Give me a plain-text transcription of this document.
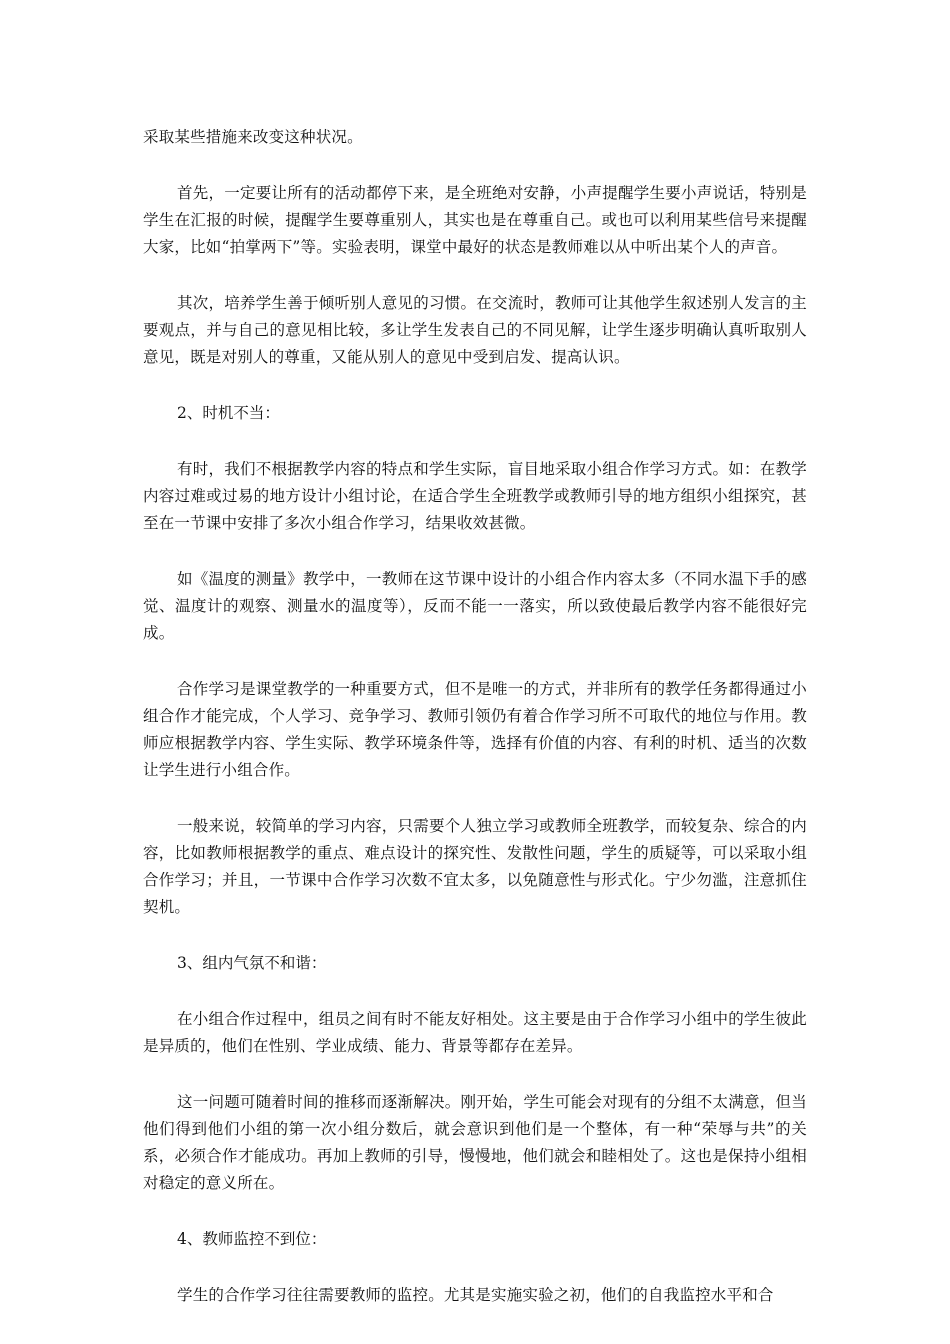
采取某些措施来改变这种状况。

首先，一定要让所有的活动都停下来，是全班绝对安静，小声提醒学生要小声说话，特别是学生在汇报的时候，提醒学生要尊重别人，其实也是在尊重自己。或也可以利用某些信号来提醒大家，比如“拍掌两下”等。实验表明，课堂中最好的状态是教师难以从中听出某个人的声音。

其次，培养学生善于倾听别人意见的习惯。在交流时，教师可让其他学生叙述别人发言的主要观点，并与自己的意见相比较，多让学生发表自己的不同见解，让学生逐步明确认真听取别人意见，既是对别人的尊重，又能从别人的意见中受到启发、提高认识。

2、时机不当：

有时，我们不根据教学内容的特点和学生实际，盲目地采取小组合作学习方式。如：在教学内容过难或过易的地方设计小组讨论，在适合学生全班教学或教师引导的地方组织小组探究，甚至在一节课中安排了多次小组合作学习，结果收效甚微。

如《温度的测量》教学中，一教师在这节课中设计的小组合作内容太多（不同水温下手的感觉、温度计的观察、测量水的温度等），反而不能一一落实，所以致使最后教学内容不能很好完成。

合作学习是课堂教学的一种重要方式，但不是唯一的方式，并非所有的教学任务都得通过小组合作才能完成，个人学习、竞争学习、教师引领仍有着合作学习所不可取代的地位与作用。教师应根据教学内容、学生实际、教学环境条件等，选择有价值的内容、有利的时机、适当的次数让学生进行小组合作。

一般来说，较简单的学习内容，只需要个人独立学习或教师全班教学，而较复杂、综合的内容，比如教师根据教学的重点、难点设计的探究性、发散性问题，学生的质疑等，可以采取小组合作学习；并且，一节课中合作学习次数不宜太多，以免随意性与形式化。宁少勿滥，注意抓住契机。

3、组内气氛不和谐：

在小组合作过程中，组员之间有时不能友好相处。这主要是由于合作学习小组中的学生彼此是异质的，他们在性别、学业成绩、能力、背景等都存在差异。

这一问题可随着时间的推移而逐渐解决。刚开始，学生可能会对现有的分组不太满意，但当他们得到他们小组的第一次小组分数后，就会意识到他们是一个整体，有一种“荣辱与共”的关系，必须合作才能成功。再加上教师的引导，慢慢地，他们就会和睦相处了。这也是保持小组相对稳定的意义所在。

4、教师监控不到位：

学生的合作学习往往需要教师的监控。尤其是实施实验之初，他们的自我监控水平和合
